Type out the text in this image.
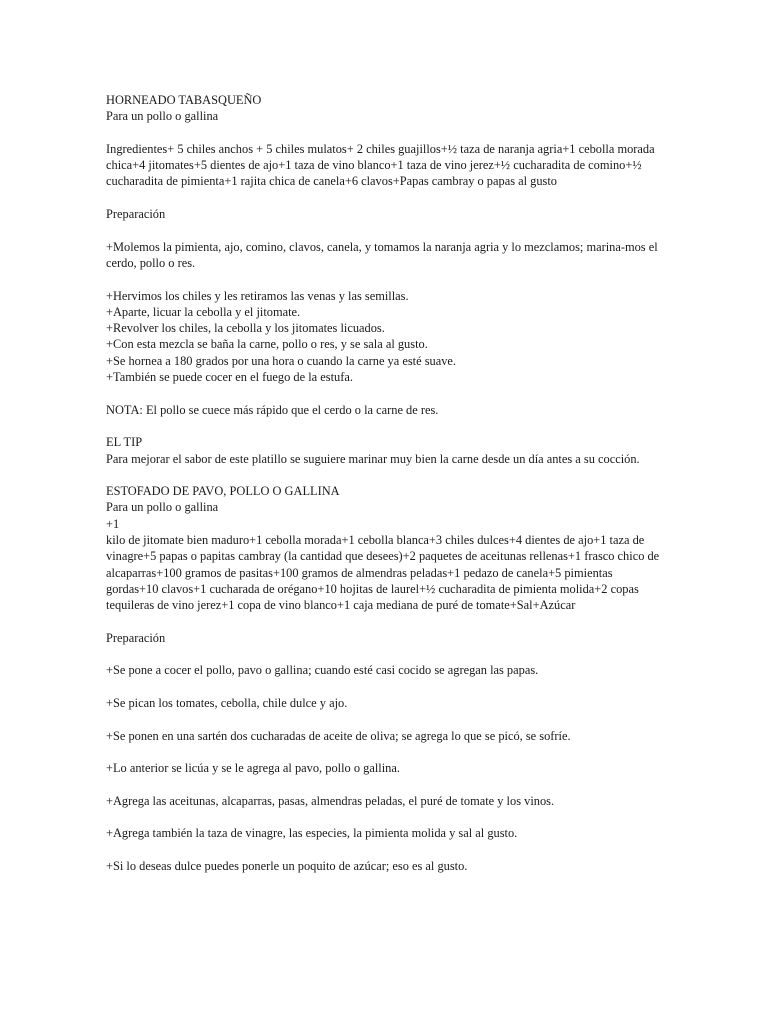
HORNEADO TABASQUEÑO
Para un pollo o gallina
Ingredientes+ 5 chiles anchos + 5 chiles mulatos+ 2 chiles guajillos+½ taza de naranja agria+1 cebolla morada chica+4 jitomates+5 dientes de ajo+1 taza de vino blanco+1 taza de vino jerez+½ cucharadita de comino+½ cucharadita de pimienta+1 rajita chica de canela+6 clavos+Papas cambray o papas al gusto
Preparación
+Molemos la pimienta, ajo, comino, clavos, canela, y tomamos la naranja agria y lo mezclamos; marina-mos el cerdo, pollo o res.
+Hervimos los chiles y les retiramos las venas y las semillas.
+Aparte, licuar la cebolla y el jitomate.
+Revolver los chiles, la cebolla y los jitomates licuados.
+Con esta mezcla se baña la carne, pollo o res, y se sala al gusto.
+Se hornea a 180 grados por una hora o cuando la carne ya esté suave.
+También se puede cocer en el fuego de la estufa.
NOTA: El pollo se cuece más rápido que el cerdo o la carne de res.
EL TIP
Para mejorar el sabor de este platillo se suguiere marinar muy bien la carne desde un día antes a su cocción.
ESTOFADO DE PAVO, POLLO O GALLINA
Para un pollo o gallina
+1
kilo de jitomate bien maduro+1 cebolla morada+1 cebolla blanca+3 chiles dulces+4 dientes de ajo+1 taza de vinagre+5 papas o papitas cambray (la cantidad que desees)+2 paquetes de aceitunas rellenas+1 frasco chico de alcaparras+100 gramos de pasitas+100 gramos de almendras peladas+1 pedazo de canela+5 pimientas gordas+10 clavos+1 cucharada de orégano+10 hojitas de laurel+½ cucharadita de pimienta molida+2 copas tequileras de vino jerez+1 copa de vino blanco+1 caja mediana de puré de tomate+Sal+Azúcar
Preparación
+Se pone a cocer el pollo, pavo o gallina; cuando esté casi cocido se agregan las papas.
+Se pican los tomates, cebolla, chile dulce y ajo.
+Se ponen en una sartén dos cucharadas de aceite de oliva; se agrega lo que se picó, se sofríe.
+Lo anterior se licúa y se le agrega al pavo, pollo o gallina.
+Agrega las aceitunas, alcaparras, pasas, almendras peladas, el puré de tomate y los vinos.
+Agrega también la taza de vinagre, las especies, la pimienta molida y sal al gusto.
+Si lo deseas dulce puedes ponerle un poquito de azúcar; eso es al gusto.
